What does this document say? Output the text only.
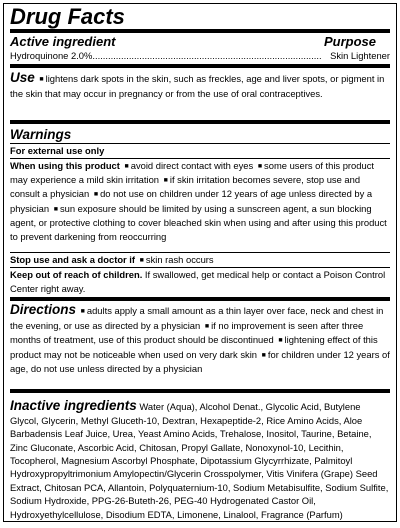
Drug Facts
Active ingredient	Purpose
Hydroquinone 2.0% ........................................................................................ Skin Lightener
Use ■ lightens dark spots in the skin, such as freckles, age and liver spots, or pigment in the skin that may occur in pregnancy or from the use of oral contraceptives.
Warnings
For external use only
When using this product ■ avoid direct contact with eyes ■ some users of this product may experience a mild skin irritation ■ if skin irritation becomes severe, stop use and consult a physician ■ do not use on children under 12 years of age unless directed by a physician ■ sun exposure should be limited by using a sunscreen agent, a sun blocking agent, or protective clothing to cover bleached skin when using and after using this product to prevent darkening from reoccurring
Stop use and ask a doctor if ■ skin rash occurs
Keep out of reach of children. If swallowed, get medical help or contact a Poison Control Center right away.
Directions ■ adults apply a small amount as a thin layer over face, neck and chest in the evening, or use as directed by a physician ■ if no improvement is seen after three months of treatment, use of this product should be discontinued ■ lightening effect of this product may not be noticeable when used on very dark skin ■ for children under 12 years of age, do not use unless directed by a physician
Inactive ingredients Water (Aqua), Alcohol Denat., Glycolic Acid, Butylene Glycol, Glycerin, Methyl Gluceth-10, Dextran, Hexapeptide-2, Rice Amino Acids, Aloe Barbadensis Leaf Juice, Urea, Yeast Amino Acids, Trehalose, Inositol, Taurine, Betaine, Zinc Gluconate, Ascorbic Acid, Chitosan, Propyl Gallate, Nonoxynol-10, Lecithin, Tocopherol, Magnesium Ascorbyl Phosphate, Dipotassium Glycyrrhizate, Palmitoyl Hydroxypropyltrimonium Amylopectin/Glycerin Crosspolymer, Vitis Vinifera (Grape) Seed Extract, Chitosan PCA, Allantoin, Polyquaternium-10, Sodium Metabisulfite, Sodium Sulfite, Sodium Hydroxide, PPG-26-Buteth-26, PEG-40 Hydrogenated Castor Oil, Hydroxyethylcellulose, Disodium EDTA, Limonene, Linalool, Fragrance (Parfum)
